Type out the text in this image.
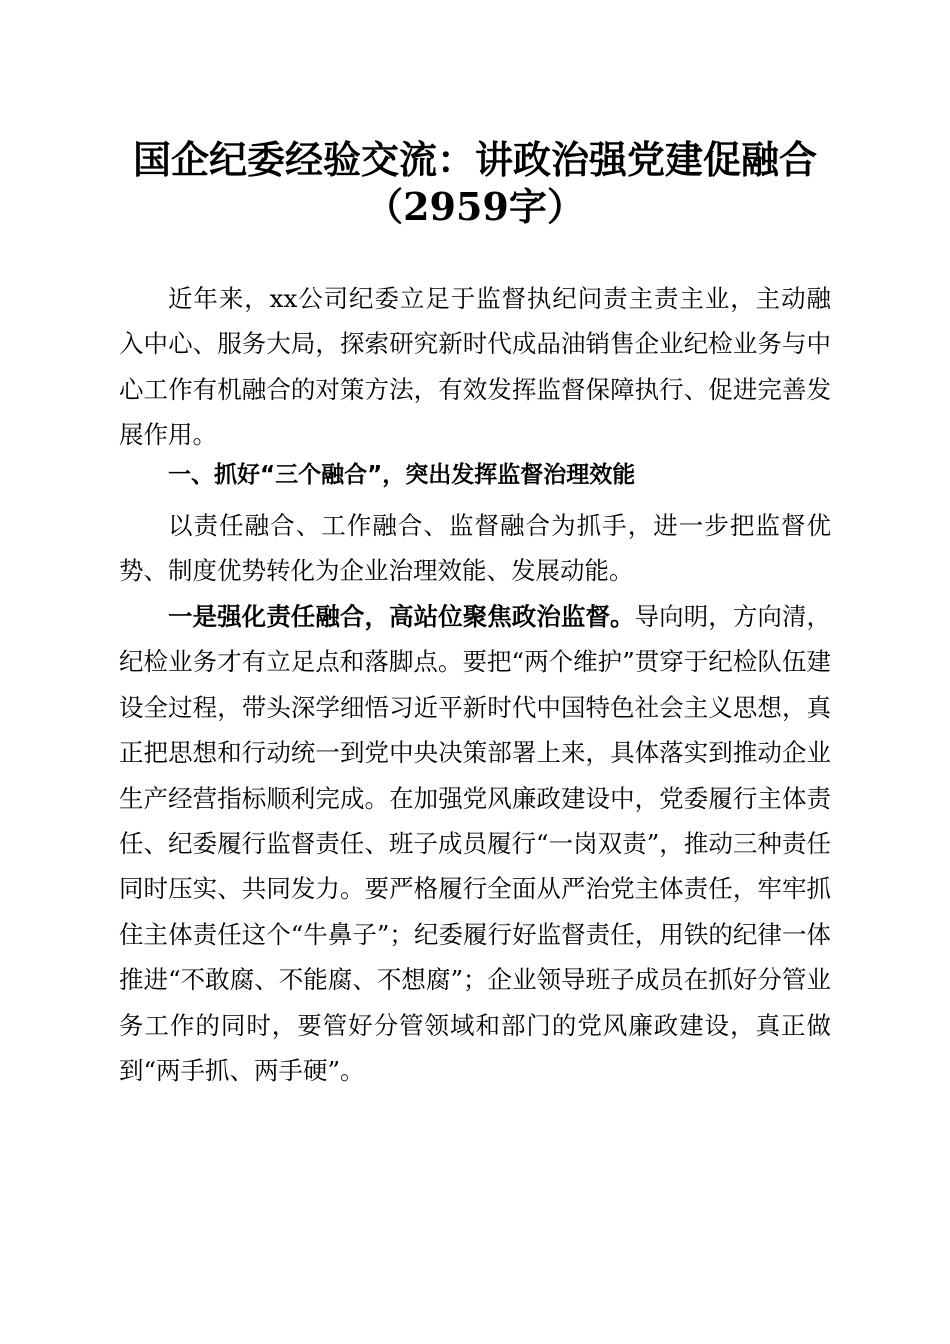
国企纪委经验交流：讲政治强党建促融合
（2959字）

近年来，xx公司纪委立足于监督执纪问责主责主业，主动融入中心、服务大局，探索研究新时代成品油销售企业纪检业务与中心工作有机融合的对策方法，有效发挥监督保障执行、促进完善发展作用。

一、抓好“三个融合”，突出发挥监督治理效能

以责任融合、工作融合、监督融合为抓手，进一步把监督优势、制度优势转化为企业治理效能、发展动能。

一是强化责任融合，高站位聚焦政治监督。导向明，方向清，纪检业务才有立足点和落脚点。要把“两个维护”贯穿于纪检队伍建设全过程，带头深学细悟习近平新时代中国特色社会主义思想，真正把思想和行动统一到党中央决策部署上来，具体落实到推动企业生产经营指标顺利完成。在加强党风廉政建设中，党委履行主体责任、纪委履行监督责任、班子成员履行“一岗双责”，推动三种责任同时压实、共同发力。要严格履行全面从严治党主体责任，牢牢抓住主体责任这个“牛鼻子”；纪委履行好监督责任，用铁的纪律一体推进“不敢腐、不能腐、不想腐”；企业领导班子成员在抓好分管业务工作的同时，要管好分管领域和部门的党风廉政建设，真正做到“两手抓、两手硬”。
